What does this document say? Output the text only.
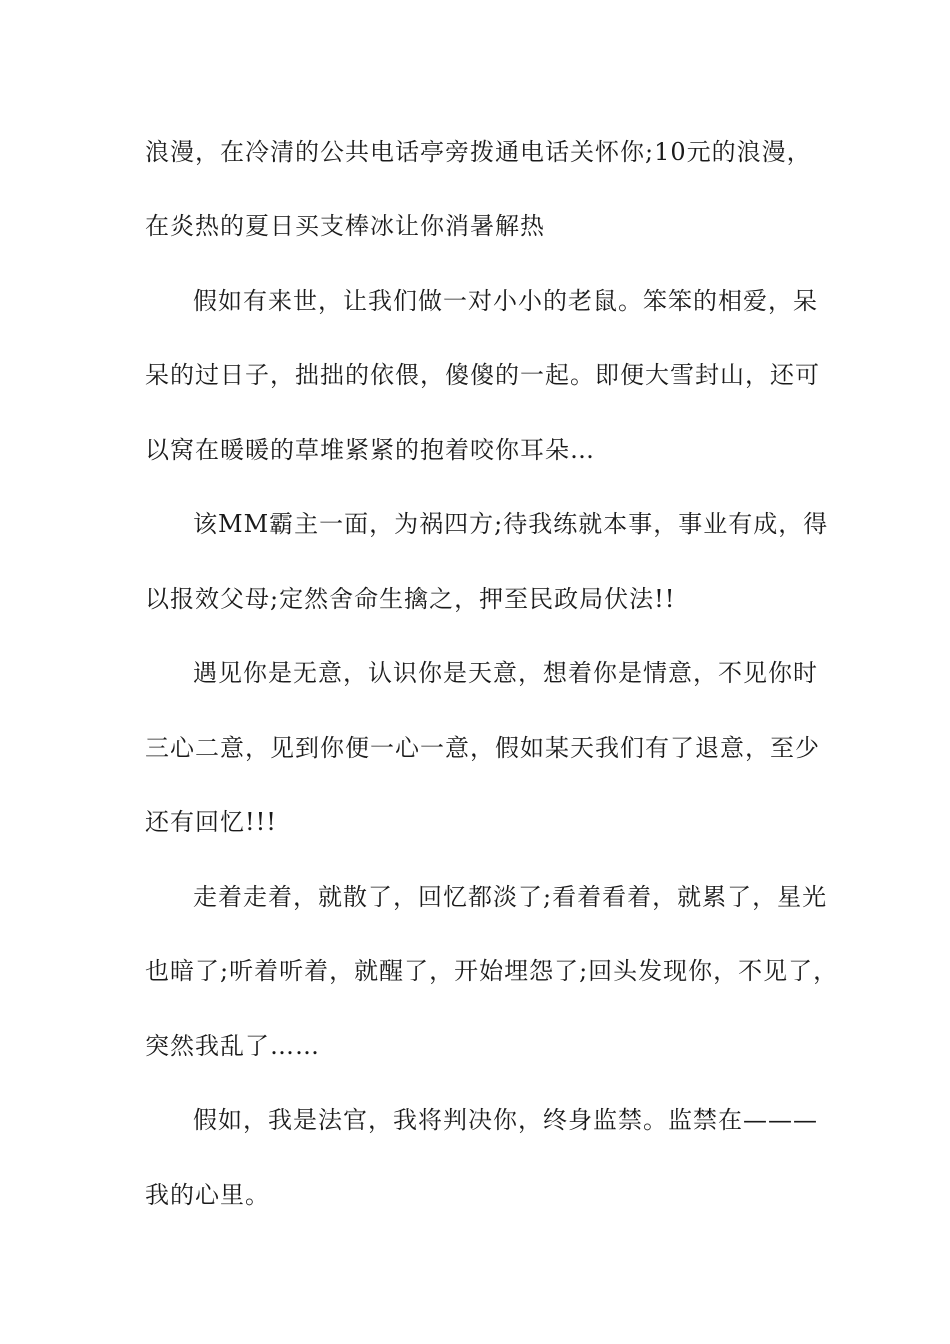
浪漫，在冷清的公共电话亭旁拨通电话关怀你;10元的浪漫，
在炎热的夏日买支棒冰让你消暑解热
假如有来世，让我们做一对小小的老鼠。笨笨的相爱，呆
呆的过日子，拙拙的依偎，傻傻的一起。即便大雪封山，还可
以窝在暖暖的草堆紧紧的抱着咬你耳朵…
该MM霸主一面，为祸四方;待我练就本事，事业有成，得
以报效父母;定然舍命生擒之，押至民政局伏法!!
遇见你是无意，认识你是天意，想着你是情意，不见你时
三心二意，见到你便一心一意，假如某天我们有了退意，至少
还有回忆!!!
走着走着，就散了，回忆都淡了;看着看着，就累了，星光
也暗了;听着听着，就醒了，开始埋怨了;回头发现你，不见了，
突然我乱了……
假如，我是法官，我将判决你，终身监禁。监禁在———
我的心里。
